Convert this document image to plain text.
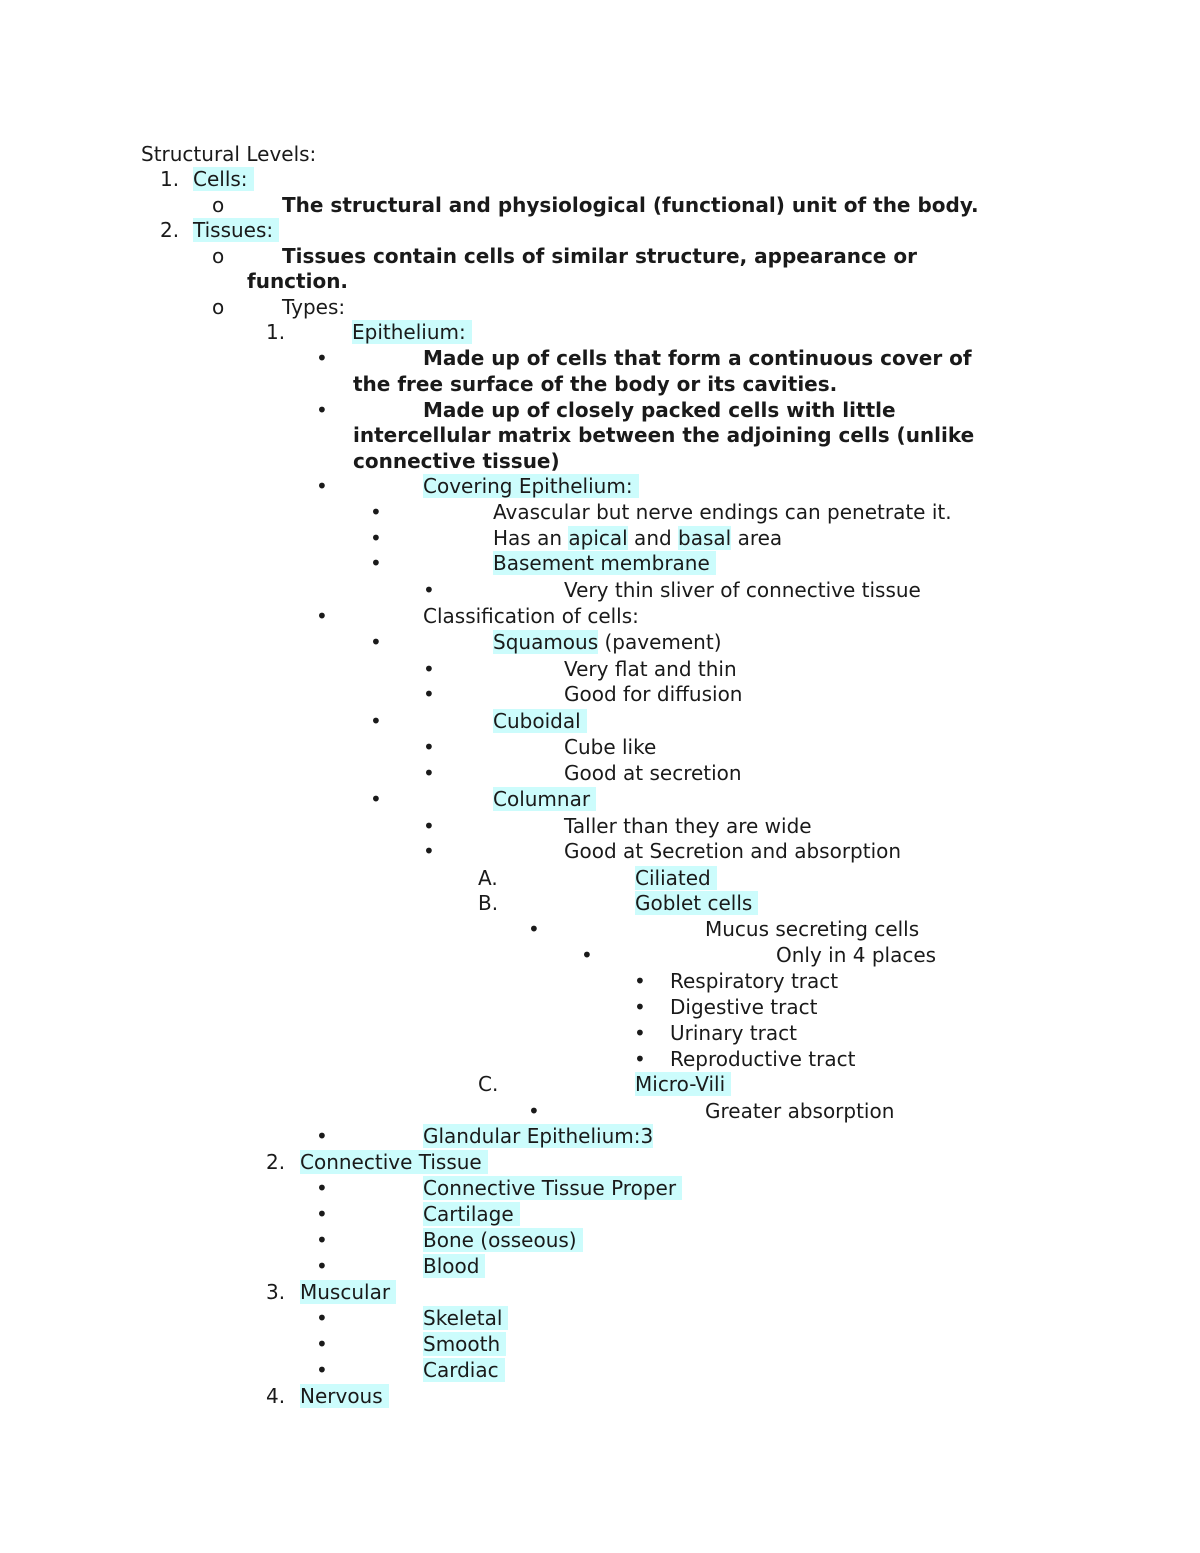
Structural Levels:
1. Cells:
o	The structural and physiological (functional) unit of the body.
2. Tissues:
o	Tissues contain cells of similar structure, appearance or
function.
o	Types:
1.	Epithelium:
•	Made up of cells that form a continuous cover of
the free surface of the body or its cavities.
•	Made up of closely packed cells with little
intercellular matrix between the adjoining cells (unlike
connective tissue)
•	Covering Epithelium:
•	Avascular but nerve endings can penetrate it.
•	Has an apical and basal area
•	Basement membrane
•	Very thin sliver of connective tissue
•	Classification of cells:
•	Squamous (pavement)
•	Very flat and thin
•	Good for diffusion
•	Cuboidal
•	Cube like
•	Good at secretion
•	Columnar
•	Taller than they are wide
•	Good at Secretion and absorption
A.	Ciliated
B.	Goblet cells
•	Mucus secreting cells
•	Only in 4 places
• Respiratory tract
• Digestive tract
• Urinary tract
• Reproductive tract
C.	Micro-Vili
•	Greater absorption
•	Glandular Epithelium:3
2. Connective Tissue
•	Connective Tissue Proper
•	Cartilage
•	Bone (osseous)
•	Blood
3. Muscular
•	Skeletal
•	Smooth
•	Cardiac
4. Nervous
